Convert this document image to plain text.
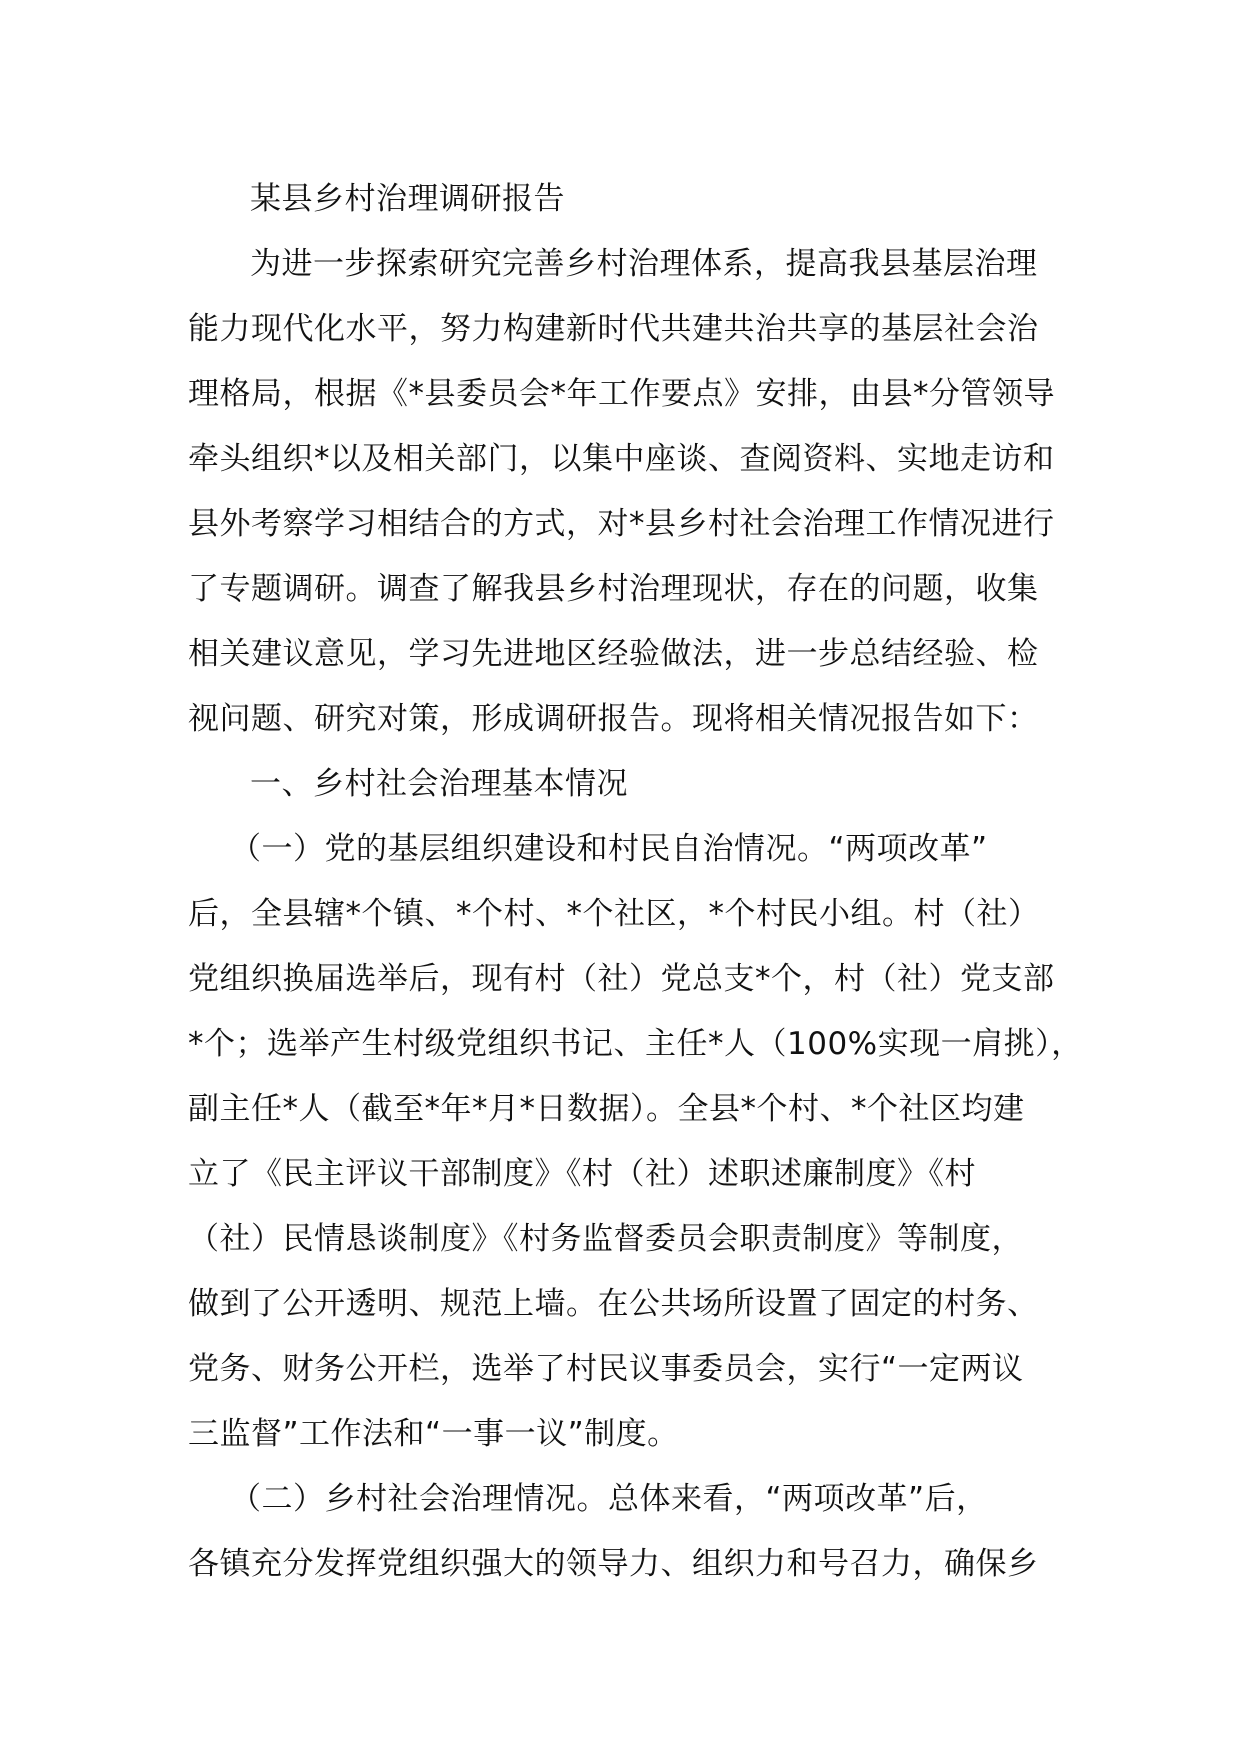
某县乡村治理调研报告
为进一步探索研究完善乡村治理体系，提高我县基层治理
能力现代化水平，努力构建新时代共建共治共享的基层社会治
理格局，根据《*县委员会*年工作要点》安排，由县*分管领导
牵头组织*以及相关部门，以集中座谈、查阅资料、实地走访和
县外考察学习相结合的方式，对*县乡村社会治理工作情况进行
了专题调研。调查了解我县乡村治理现状，存在的问题，收集
相关建议意见，学习先进地区经验做法，进一步总结经验、检
视问题、研究对策，形成调研报告。现将相关情况报告如下：
一、乡村社会治理基本情况
（一）党的基层组织建设和村民自治情况。“两项改革”
后，全县辖*个镇、*个村、*个社区，*个村民小组。村（社）
党组织换届选举后，现有村（社）党总支*个，村（社）党支部
*个；选举产生村级党组织书记、主任*人（100%实现一肩挑），
副主任*人（截至*年*月*日数据）。全县*个村、*个社区均建
立了《民主评议干部制度》《村（社）述职述廉制度》《村
（社）民情恳谈制度》《村务监督委员会职责制度》等制度，
做到了公开透明、规范上墙。在公共场所设置了固定的村务、
党务、财务公开栏，选举了村民议事委员会，实行“一定两议
三监督”工作法和“一事一议”制度。
（二）乡村社会治理情况。总体来看，“两项改革”后，
各镇充分发挥党组织强大的领导力、组织力和号召力，确保乡
